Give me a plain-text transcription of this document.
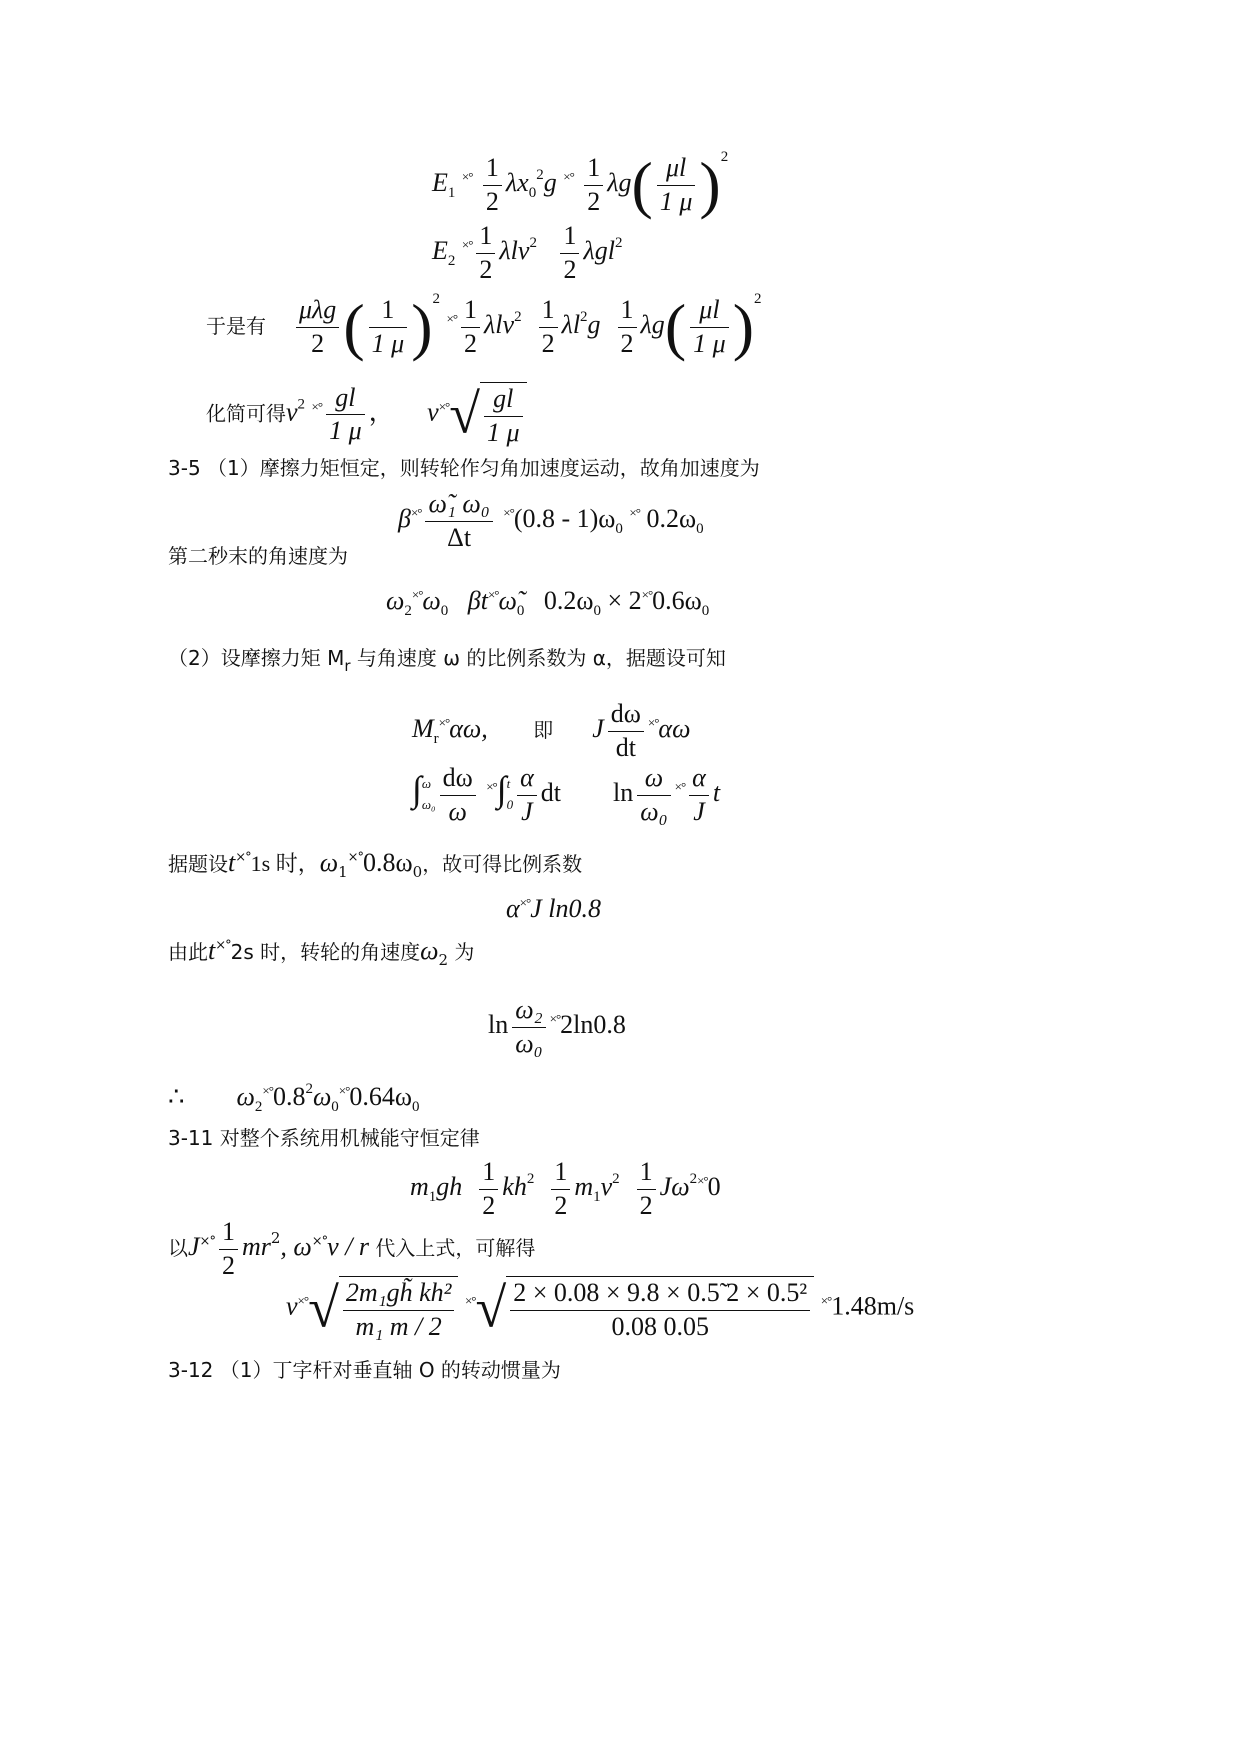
$E_1$ $^{\times^\circ} \frac{1}{2} \lambda x_0^2g$ $^{\times^\circ} \frac{1}{2} \lambda g( \frac{\mu l}{1 \mu} )^2$
$E_2$ $^{\times^\circ} \frac{1}{2} \lambda lv^2 \frac{1}{2} \lambda gl^2$
于是有 $\frac{\text{μλg}}{2}$ ( $\frac{1}{1 \mu} )^2$ $^{\times^\circ} \frac{1}{2} \lambda lv^2 \frac{1}{2} \lambda l^2g \frac{1}{2} \lambda g( \frac{\mu l}{1 \mu} )^2$
化简可得$v^2$ $^{\times^\circ} \frac{gl}{1 \mu}$ ， $v^{\times^\circ}√ \frac{gl}{1 \mu}$
3-5 （1）摩擦力矩恒定，则转轮作匀角加速度运动，故角加速度为
$\beta^{\times^\circ} \frac{\text{ω̃₁ ω₀}}{\Delta t} ^{\times^\circ}(0.8 - 1)\omega_0$ ×° $0.2\omega_0$
第二秒末的角速度为
$\omega_2^{\times^\circ}\omega_0$ $\beta t^{\times^\circ}\omegã_0$ $0.2\omega_0 \times 2^{\times^\circ}0.6\omega_0$
（2）设摩擦力矩 $M_r$ 与角速度 ω 的比例系数为 α，据题设可知
$M_r^{\times^\circ}\alpha\omega$, 即 J $\frac{d\omega}{dt} ^{\times^\circ}\alpha\omega$
∫ ω
$\omega_0 \frac{d\omega}{\omega} ^{\times^\circ}\int$ t
$0 \frac{\alpha}{J}$ dt $\ln \frac{\omega}{\text{ω₀}} ^{\times^\circ} \frac{\alpha}{J}$ t
据题设t×°1s 时，$\omega_1^{\times^\circ}0.8\omega_0$，故可得比例系数
α×°J ln0.8
由此t×°2s 时，转轮的角速度$\omega_2$ 为
$\ln \frac{\text{ω₂}}{\text{ω₀}} ^{\times^\circ}2\ln 0.8$
∴ $\omega_2^{\times^\circ}0.8^2\omega_0^{\times^\circ}0.64\omega_0$
3-11 对整个系统用机械能守恒定律
$m_1gh \frac{1}{2} kh^2 \frac{1}{2} m_1v^2 \frac{1}{2} J\omega^{2\times^\circ}0$
以$J^{\times^\circ} \frac{1}{2} mr^2$, ω×°v / r 代入上式，可解得
$v^{\times^\circ}√ \frac{\text{2m₁gh̃ kh²}}{\text{m₁ m / 2}} ^{\times^\circ}√ \frac{\text{2 × 0.08 × 9.8 × 0.5̃ 2 × 0.5²}}{0.08 0.05} ^{\times^\circ}1.48m/s$
3-12 （1）丁字杆对垂直轴 O 的转动惯量为
